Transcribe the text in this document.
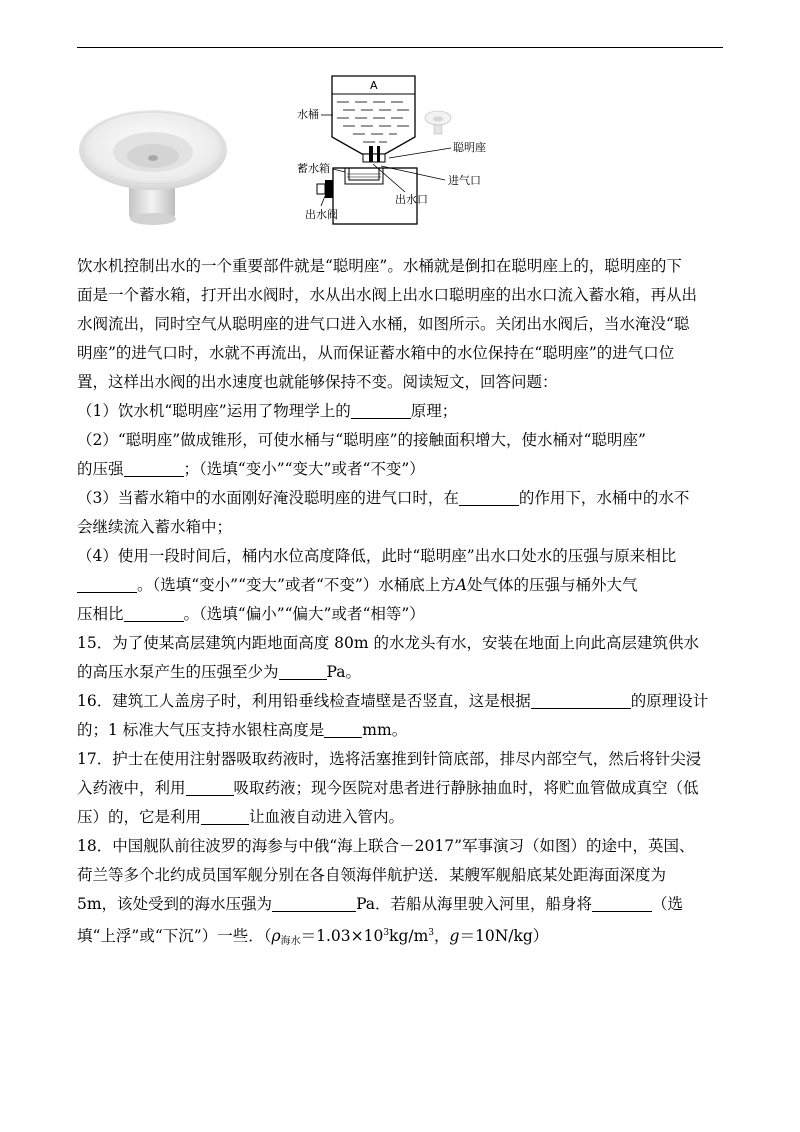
A
水桶
蓄水箱
出水阀
聪明座
进气口
出水口
饮水机控制出水的一个重要部件就是“聪明座”。水桶就是倒扣在聪明座上的，聪明座的下
面是一个蓄水箱，打开出水阀时，水从出水阀上出水口聪明座的出水口流入蓄水箱，再从出
水阀流出，同时空气从聪明座的进气口进入水桶，如图所示。关闭出水阀后，当水淹没“聪
明座”的进气口时，水就不再流出，从而保证蓄水箱中的水位保持在“聪明座”的进气口位
置，这样出水阀的出水速度也就能够保持不变。阅读短文，回答问题：
（1）饮水机“聪明座”运用了物理学上的	原理；
（2）“聪明座”做成锥形，可使水桶与“聪明座”的接触面积增大，使水桶对“聪明座”
的压强	；（选填“变小”“变大”或者“不变”）
（3）当蓄水箱中的水面刚好淹没聪明座的进气口时，在	的作用下，水桶中的水不
会继续流入蓄水箱中；
（4）使用一段时间后，桶内水位高度降低，此时“聪明座”出水口处水的压强与原来相比
。（选填“变小”“变大”或者“不变”）水桶底上方A处气体的压强与桶外大气
压相比	。（选填“偏小”“偏大”或者“相等”）
15．为了使某高层建筑内距地面高度 80m 的水龙头有水，安装在地面上向此高层建筑供水
的高压水泵产生的压强至少为	Pa。
16．建筑工人盖房子时，利用铅垂线检查墙壁是否竖直，这是根据	的原理设计
的；1 标准大气压支持水银柱高度是 mm。
17．护士在使用注射器吸取药液时，选将活塞推到针筒底部，排尽内部空气，然后将针尖浸
入药液中，利用	吸取药液；现今医院对患者进行静脉抽血时，将贮血管做成真空（低
压）的，它是利用	让血液自动进入管内。
18．中国舰队前往波罗的海参与中俄“海上联合－2017”军事演习（如图）的途中，英国、
荷兰等多个北约成员国军舰分别在各自领海伴航护送．某艘军舰船底某处距海面深度为
5m，该处受到的海水压强为	Pa．若船从海里驶入河里，船身将	（选
填“上浮”或“下沉”）一些．（$\rho_{海水}=1.03\times 10^3kg/m^3$，g＝10N/kg）
